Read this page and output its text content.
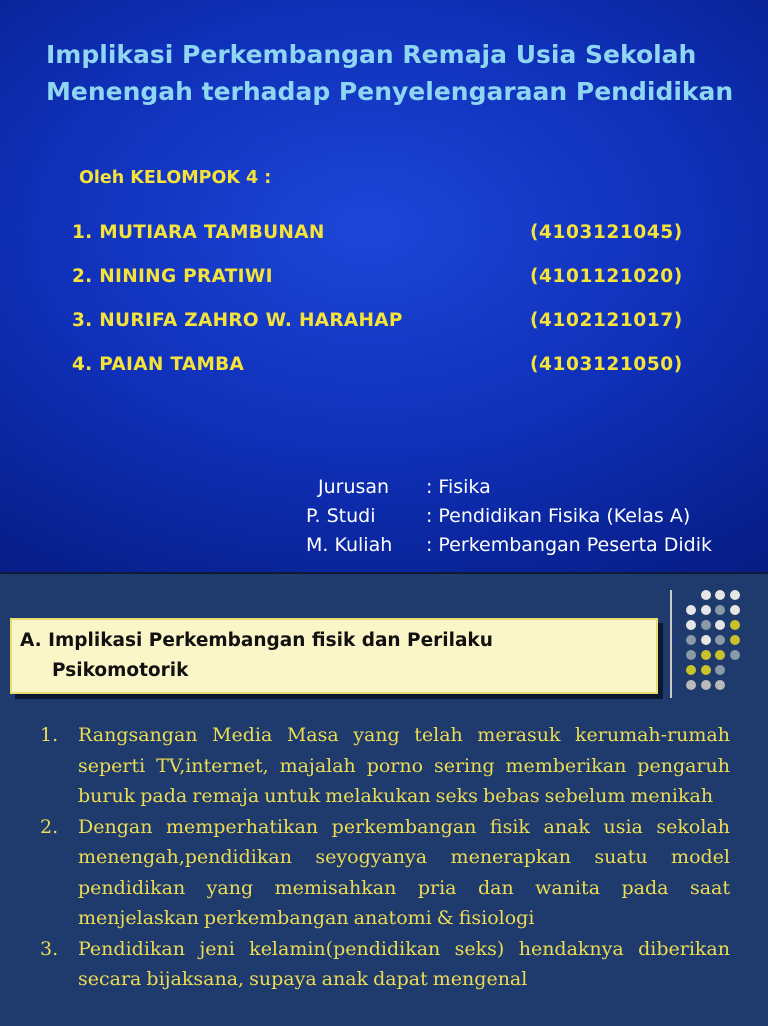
Implikasi Perkembangan Remaja Usia Sekolah
Menengah terhadap Penyelengaraan Pendidikan
Oleh KELOMPOK 4 :
1. MUTIARA TAMBUNAN	(4103121045)
2. NINING PRATIWI	(4101121020)
3. NURIFA ZAHRO W. HARAHAP	(4102121017)
4. PAIAN TAMBA	(4103121050)
Jurusan : Fisika
P. Studi	: Pendidikan Fisika (Kelas A)
M. Kuliah : Perkembangan Peserta Didik
A. Implikasi Perkembangan fisik dan Perilaku
Psikomotorik
1. Rangsangan Media Masa yang telah merasuk kerumah-rumah seperti TV,internet, majalah porno sering memberikan pengaruh buruk pada remaja untuk melakukan seks bebas sebelum menikah

2. Dengan memperhatikan perkembangan fisik anak usia sekolah menengah,pendidikan seyogyanya menerapkan suatu model pendidikan yang memisahkan pria dan wanita pada saat menjelaskan perkembangan anatomi & fisiologi

3. Pendidikan jeni kelamin(pendidikan seks) hendaknya diberikan secara bijaksana, supaya anak dapat mengenal
